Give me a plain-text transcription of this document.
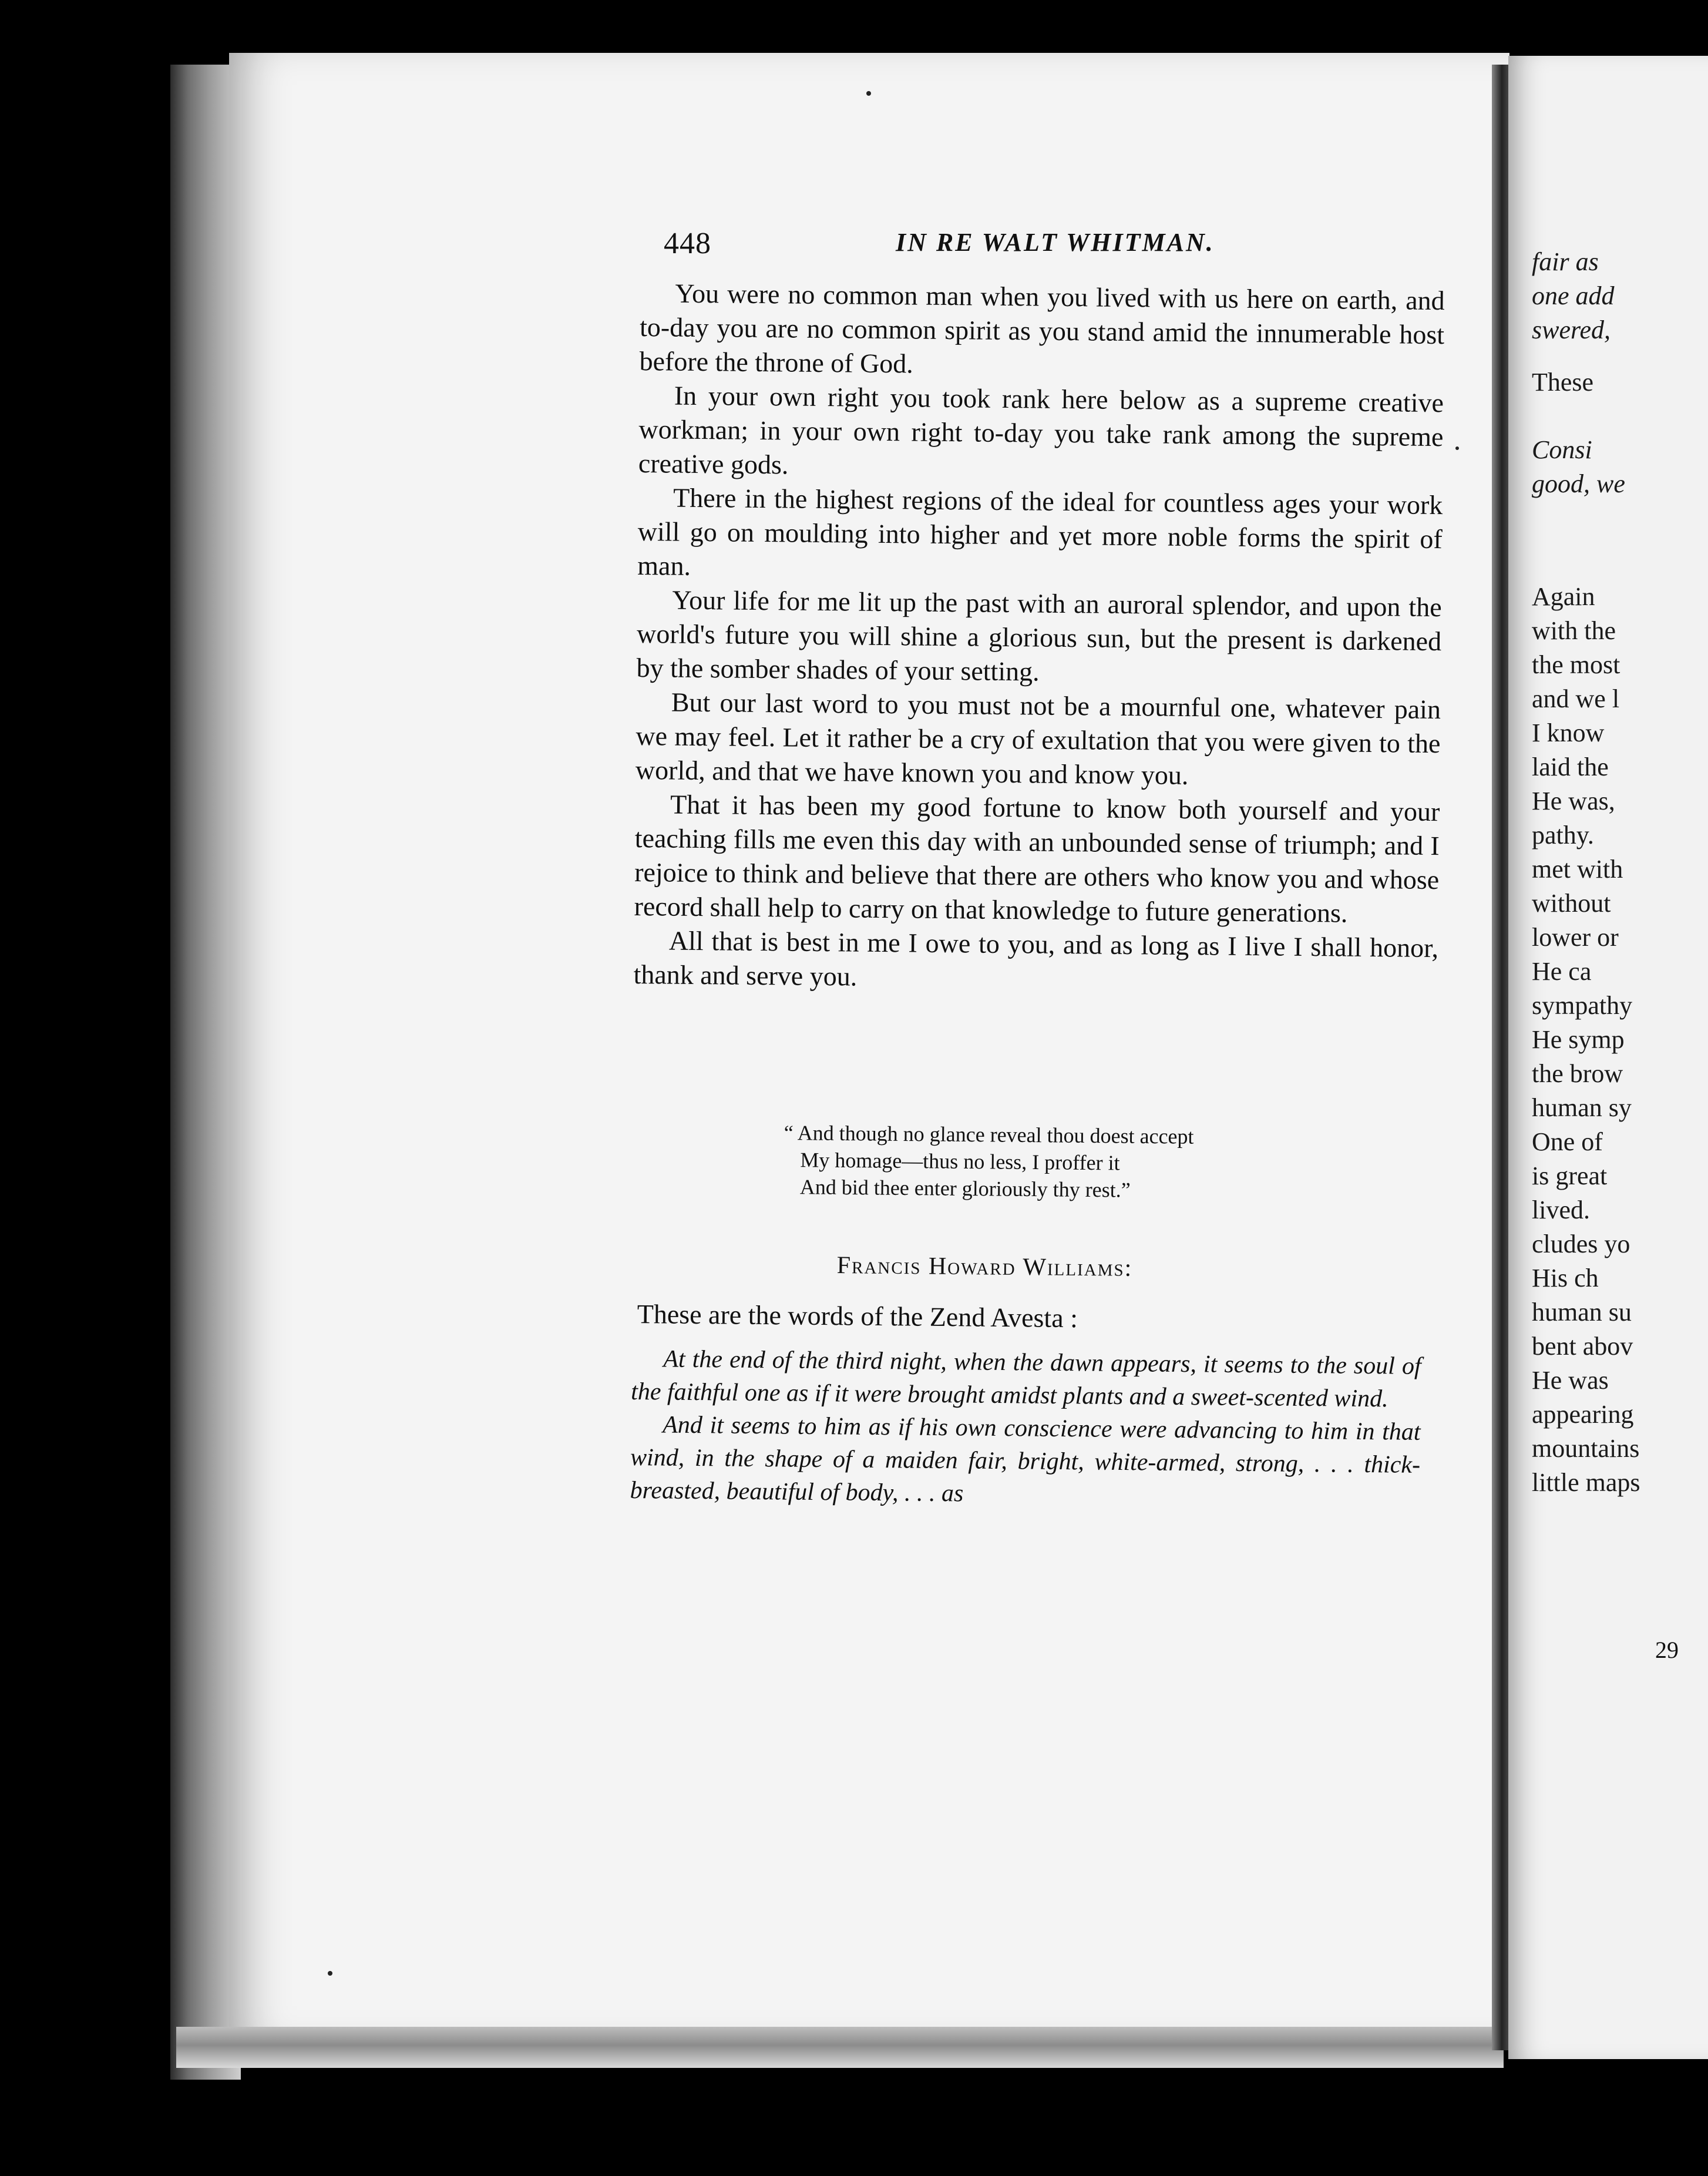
fair as
one add
swered,
These
Consi
good, we
Again
with the
the most
and we l
I know
laid the
He was,
pathy.
met with
without
lower or
He ca
sympathy
He symp
the brow
human sy
One of
is great
lived.
cludes yo
His ch
human su
bent abov
He was
appearing
mountains
little maps
29
448	IN RE WALT WHITMAN.

You were no common man when you lived with us here on earth, and to-day you are no common spirit as you stand amid the innumerable host before the throne of God.

In your own right you took rank here below as a supreme creative workman; in your own right to-day you take rank among the supreme creative gods.

There in the highest regions of the ideal for countless ages your work will go on moulding into higher and yet more noble forms the spirit of man.

Your life for me lit up the past with an auroral splendor, and upon the world's future you will shine a glorious sun, but the present is darkened by the somber shades of your setting.

But our last word to you must not be a mournful one, whatever pain we may feel. Let it rather be a cry of exultation that you were given to the world, and that we have known you and know you.

That it has been my good fortune to know both yourself and your teaching fills me even this day with an unbounded sense of triumph; and I rejoice to think and believe that there are others who know you and whose record shall help to carry on that knowledge to future generations.

All that is best in me I owe to you, and as long as I live I shall honor, thank and serve you.

“ And though no glance reveal thou doest accept
My homage—thus no less, I proffer it
And bid thee enter gloriously thy rest.”
Francis Howard Williams:
These are the words of the Zend Avesta :

At the end of the third night, when the dawn appears, it seems to the soul of the faithful one as if it were brought amidst plants and a sweet-scented wind.

And it seems to him as if his own conscience were advancing to him in that wind, in the shape of a maiden fair, bright, white-armed, strong, . . . thick-breasted, beautiful of body, . . . as
